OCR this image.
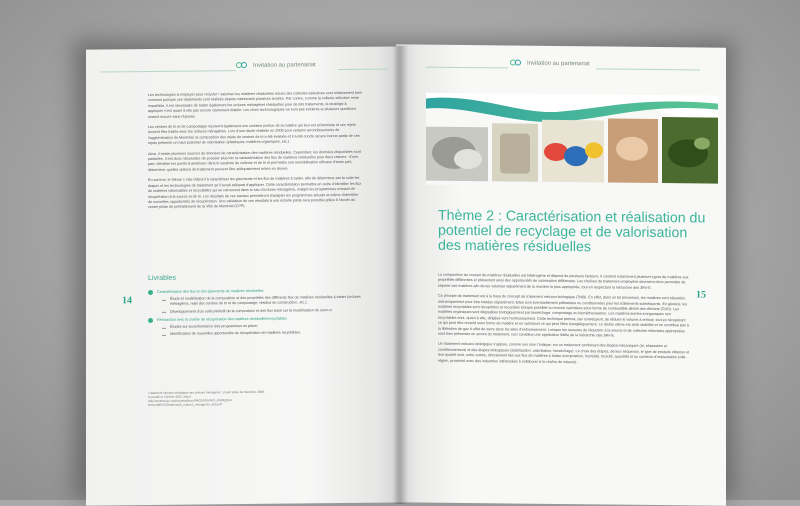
Invitation au partenariat
14

Les technologies à employer pour recycler / valoriser les matières résiduelles issues des collectes sélectives sont relativement bien connues puisque ces traitements sont réalisés depuis maintenant plusieurs années. Par contre, comme la collecte sélective reste imparfaite, il est nécessaire de traiter également les ordures ménagères résiduelles pour de tels traitements, la stratégie à appliquer n'est quant à elle pas encore clairement établie. Les choix technologiques ne sont pas évidents et plusieurs questions restent encore sans réponse.

Les centres de tri et de compostage reçoivent également une certaine portion de la matière qui leur est acheminée et ces rejets doivent être traités avec les ordures ménagères. Lors d'une étude réalisée en 2009 pour certains arrondissements de l'agglomération de Montréal, la composition des rejets de centres de tri a été évaluée et il a été conclu qu'une bonne partie de ces rejets présente un haut potentiel de valorisation (plastiques, matières organiques, etc.).

Ainsi, il existe plusieurs sources de données de caractérisation des matières résiduelles. Cependant, les données disponibles sont partielles. Il est donc nécessaire de pousser plus loin la caractérisation des flux de matières résiduelles pour deux raisons : d'une part, identifier les points à améliorer dans le système de collecte et de tri et permettre une sensibilisation efficace d'autre part, déterminer quelles options de traitement peuvent être adéquatement mises en œuvre.

En somme, le thème 1 vise d'abord à caractériser les gisements et les flux de matières à traiter, afin de déterminer par la suite les étapes et les technologies de traitement qu'il serait adéquat d'appliquer. Cette caractérisation permettra en outre d'identifier les flux de matières valorisables et recyclables qui se retrouvent dans le sac d'ordures ménagères, malgré les programmes existant de récupération à la source et de tri. Les résultats de ces travaux permettront d'adapter les programmes actuels et même d'identifier de nouvelles opportunités de récupération. Une validation de ces résultats à une échelle pilote sera possible grâce à l'accès au centre pilote de prétraitement de la Ville de Montréal (CPP).

Livrables
Caractérisation des flux et des gisements de matières résiduelles
Étude et modélisation de la composition et des propriétés des différents flux de matières résiduelles à traiter (ordures ménagères, rejet des centres de tri et de compostage, résidus de construction, etc.);
Développement d'un outil prédictif de la composition et des flux basé sur la modélisation de ceux-ci.
Rétroaction vers la chaîne de récupération des matières résiduelles/recyclables
Études sur la performance des programmes en place;
Identification de nouvelles opportunités de récupération de matières recyclables.
Traitement mécano-biologique des ordures ménagères : projet pilote de Montréal, 2008. Consulté le 2 février 2011, http:// ville.montreal.qc.ca/pls/portal/docs/PAGE/ENVIRO_FR/MEDIA/ DOCUMENTS/traitement_ordures_menageres_tmb.pdf
Invitation au partenariat
Thème 2 : Caractérisation et réalisation du potentiel de recyclage et de valorisation des matières résiduelles
15

La composition du courant de matières résiduelles est hétérogène et dépend de plusieurs facteurs. Il contient notamment plusieurs types de matières aux propriétés différentes et présentant ainsi des opportunités de valorisation différentes. Les chaînes de traitement employées devraient donc permettre de séparer ces matières afin de les valoriser séparément de la manière la plus appropriée, tout en respectant la hiérarchie des 3RV-E.

Ce principe de traitement est à la base du concept de traitement mécano-biologique (TMB). En effet, dans un tel processus, les matières sont séparées mécaniquement pour être traitées séparément. Elles sont éventuellement prétraitées ou conditionnées pour les traitements subséquents. En général, les matières recyclables sont récupérées et recyclées lorsque possible ou encore valorisées sous forme de combustible dérivé des déchets (CDD). Les matières organiques sont dégradées biologiquement par biosèchage, compostage ou biométhanisation. Les matières inertes inorganiques non recyclables sont, quant à elle, dirigées vers l'enfouissement. Cette technique permet, par conséquent, de réduire le volume à enfouir, tout en récupérant ce qui peut être recyclé sous forme de matière et en valorisant ce qui peut l'être énergétiquement. Le résidu ultime est ainsi stabilisé et ne contribue pas à la libération de gaz à effet de serre dans les sites d'enfouissement. Lorsque les mesures de réduction à la source et de collectes sélectives appropriées sont bien présentes en amont du traitement, ceci constitue une application fidèle de la hiérarchie des 3RV-E.

Un traitement mécano-biologique s'appuie, comme son nom l'indique, sur un traitement combinant des étapes mécaniques (tri, séparation et conditionnement) et des étapes biologiques (stabilisation, valorisation, biosèchage). Le choix des étapes, de leur séquence, le type de produits obtenus et leur qualité sont, entre autres, directement liés aux flux de matières à traiter (composition, humidité, toxicité, quantité) et au contexte d'implantation (ville-région, proximité avec des industries intéressées à collaborer à la chaîne de valeurs).
